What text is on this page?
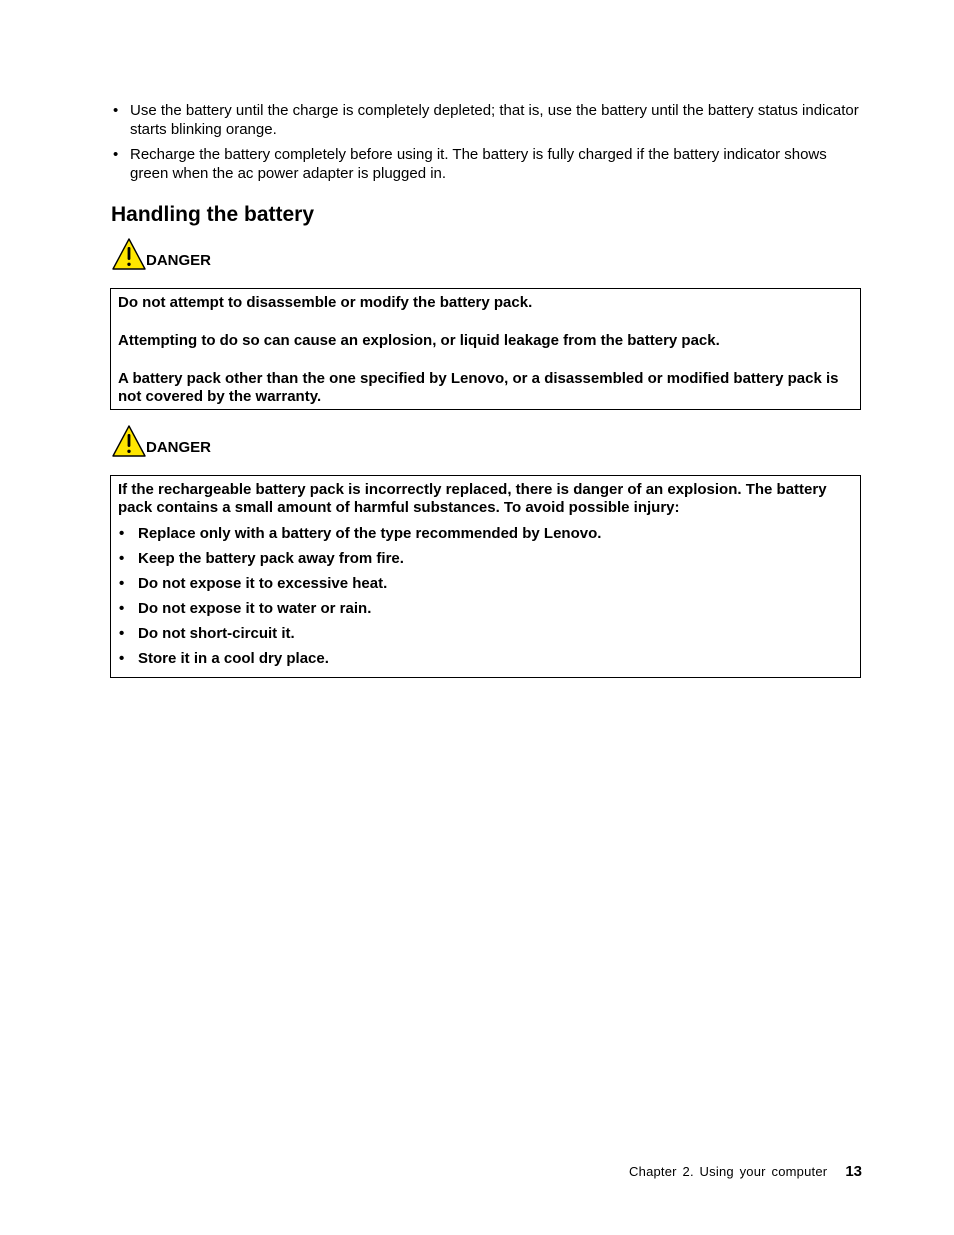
• Use the battery until the charge is completely depleted; that is, use the battery until the battery status indicator starts blinking orange.
• Recharge the battery completely before using it. The battery is fully charged if the battery indicator shows green when the ac power adapter is plugged in.
Handling the battery
DANGER

Do not attempt to disassemble or modify the battery pack.

Attempting to do so can cause an explosion, or liquid leakage from the battery pack.

A battery pack other than the one specified by Lenovo, or a disassembled or modified battery pack is not covered by the warranty.

DANGER

If the rechargeable battery pack is incorrectly replaced, there is danger of an explosion. The battery pack contains a small amount of harmful substances. To avoid possible injury:

• Replace only with a battery of the type recommended by Lenovo.
• Keep the battery pack away from fire.
• Do not expose it to excessive heat.
• Do not expose it to water or rain.
• Do not short-circuit it.
• Store it in a cool dry place.
Chapter 2. Using your computer 13
